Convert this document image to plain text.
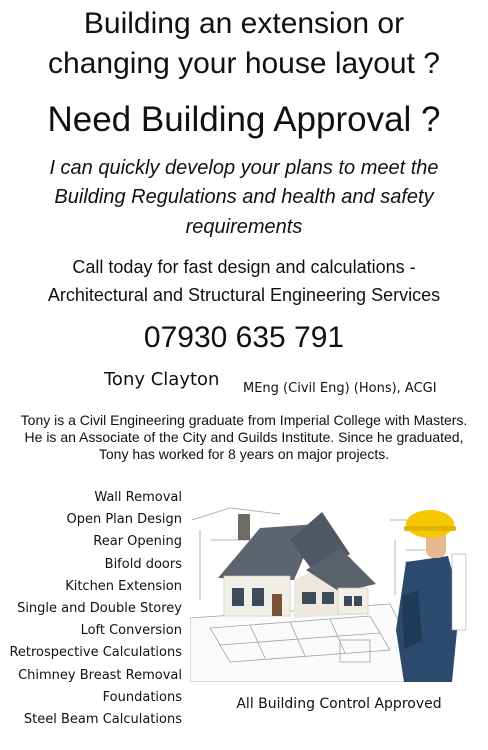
Building an extension or
changing your house layout ?
Need Building Approval ?
I can quickly develop your plans to meet the
Building Regulations and health and safety
requirements
Call today for fast design and calculations -
Architectural and Structural Engineering Services
07930 635 791
Tony Clayton MEng (Civil Eng) (Hons), ACGI
Tony is a Civil Engineering graduate from Imperial College with Masters.
He is an Associate of the City and Guilds Institute. Since he graduated,
Tony has worked for 8 years on major projects.
Wall Removal
Open Plan Design
Rear Opening
Bifold doors
Kitchen Extension
Single and Double Storey
Loft Conversion
Retrospective Calculations
Chimney Breast Removal
Foundations
Steel Beam Calculations
All Building Control Approved
